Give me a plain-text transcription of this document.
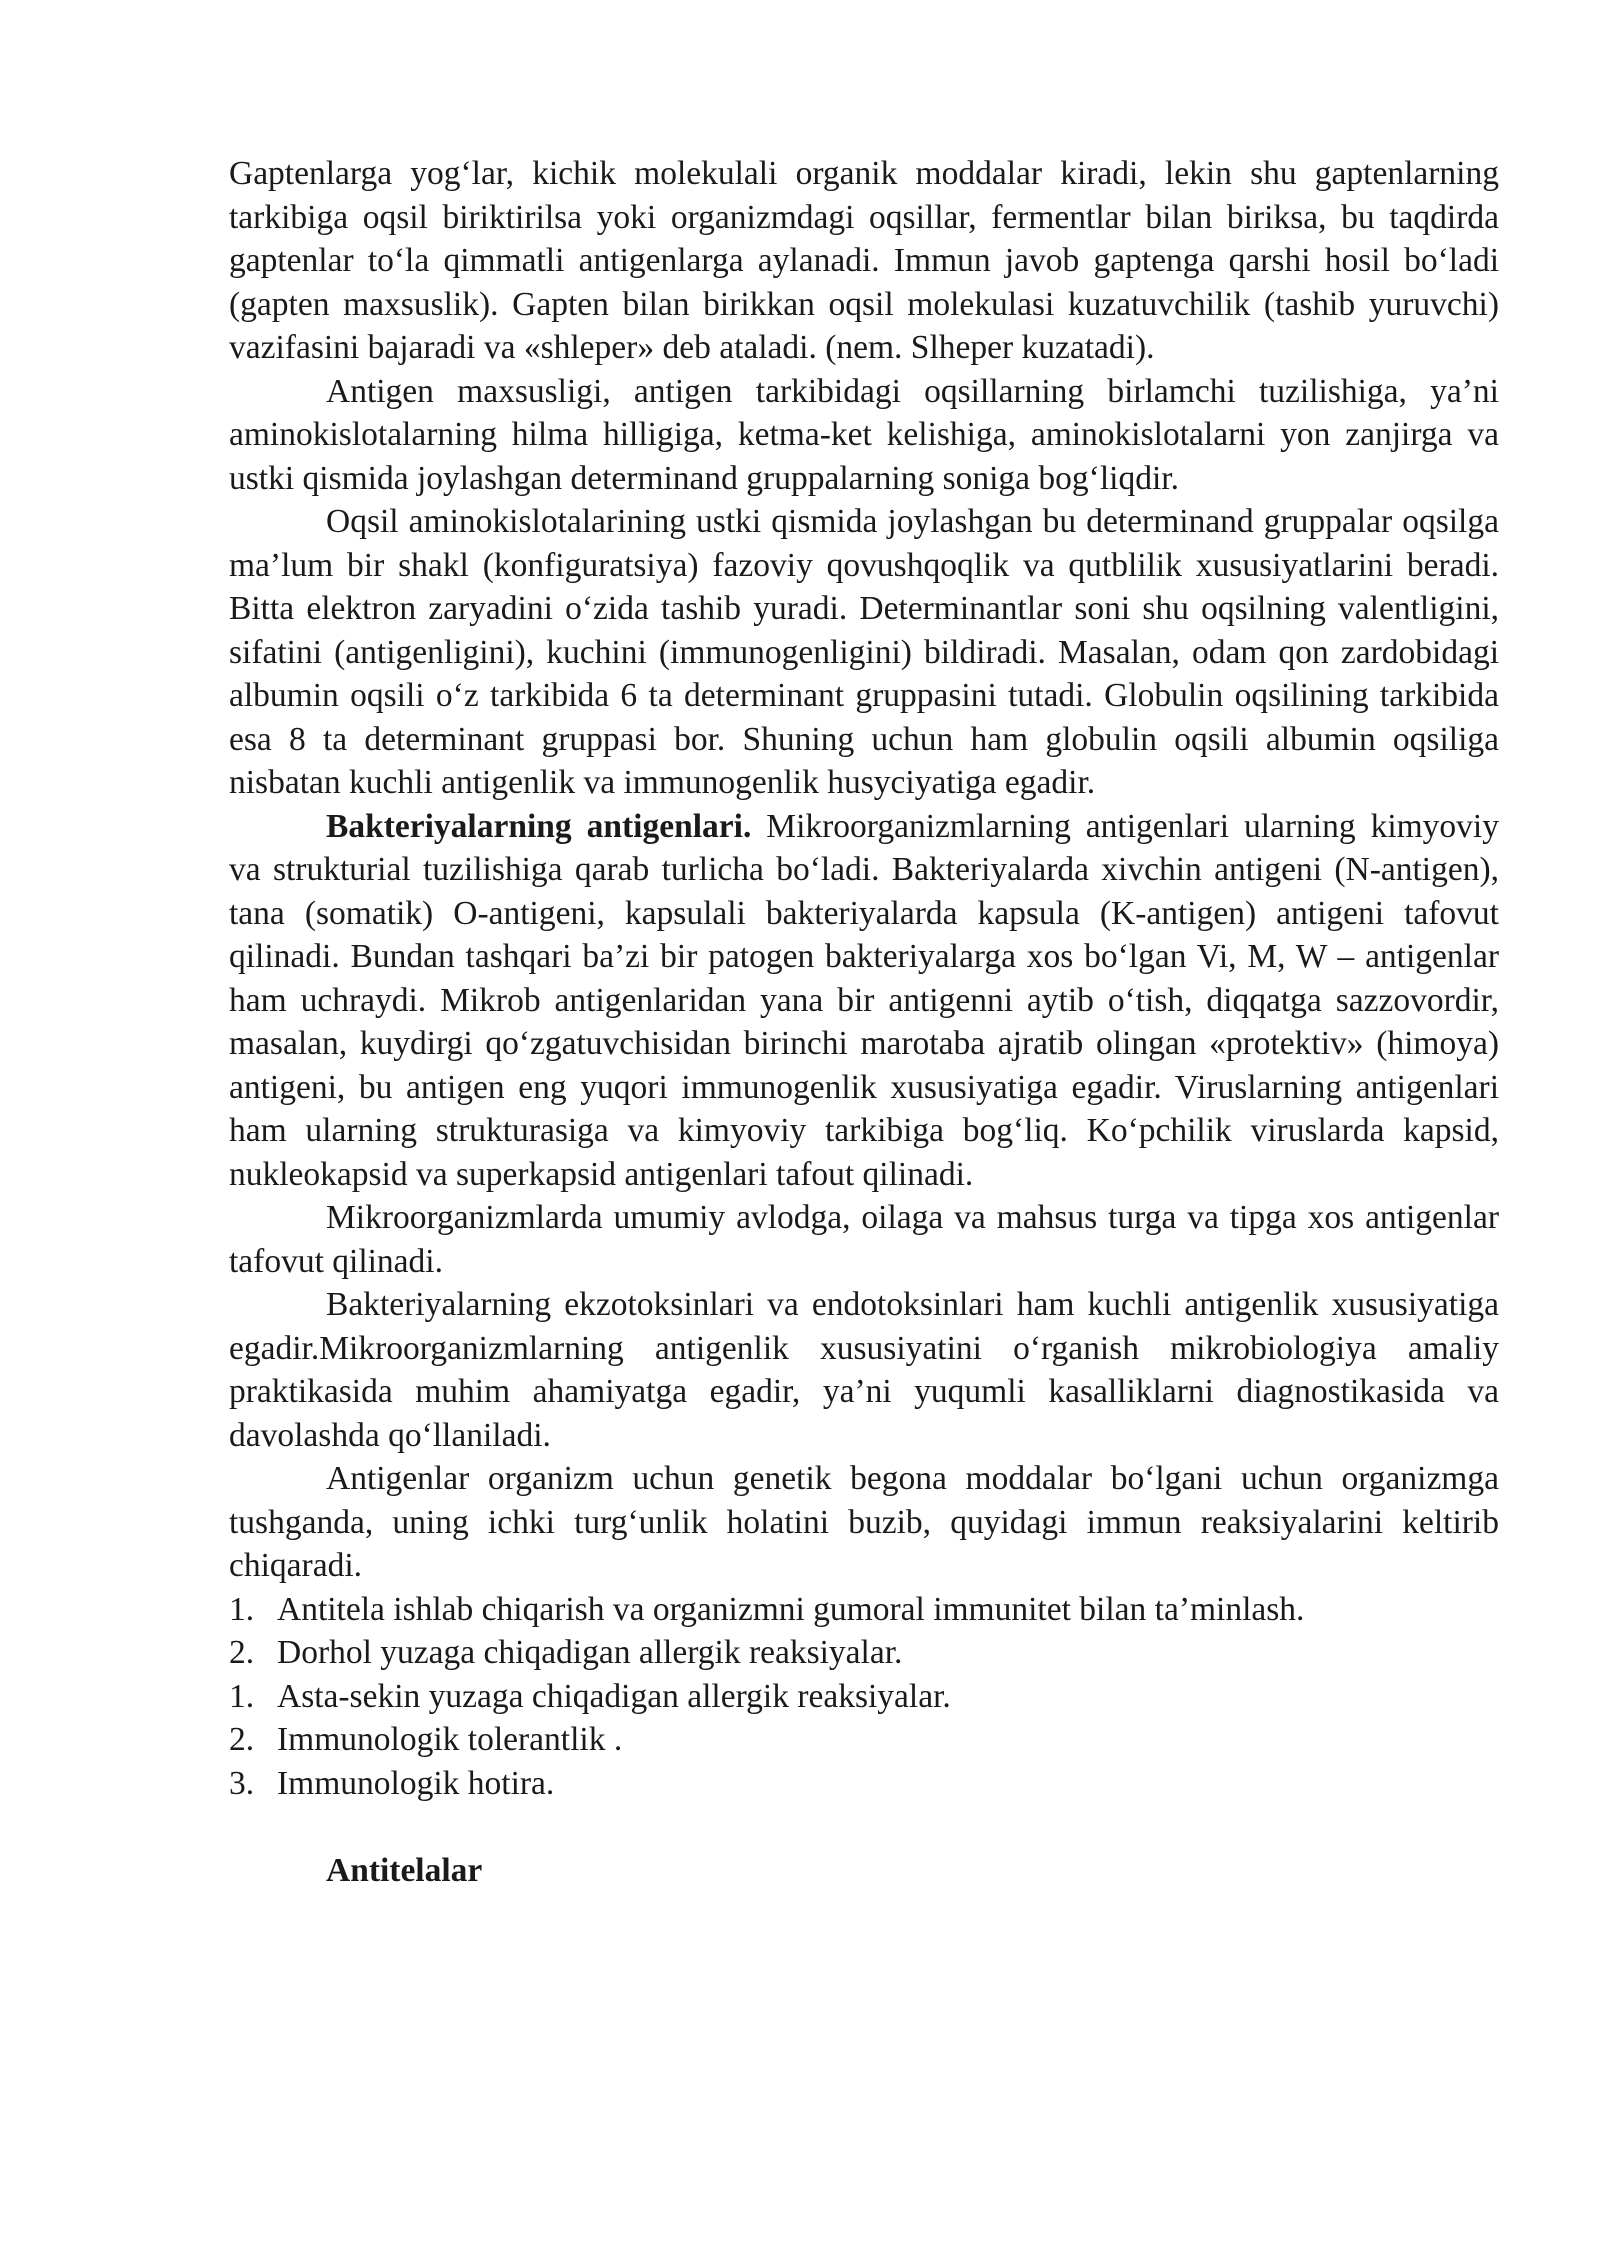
Gaptenlarga yog‘lar, kichik molekulali organik moddalar kiradi, lekin shu gaptenlarning tarkibiga oqsil biriktirilsa yoki organizmdagi oqsillar, fermentlar bilan biriksa, bu taqdirda gaptenlar to‘la qimmatli antigenlarga aylanadi. Immun javob gaptenga qarshi hosil bo‘ladi (gapten maxsuslik). Gapten bilan birikkan oqsil molekulasi kuzatuvchilik (tashib yuruvchi) vazifasini bajaradi va «shleper» deb ataladi. (nem. Slheper kuzatadi).

Antigen maxsusligi, antigen tarkibidagi oqsillarning birlamchi tuzilishiga, ya’ni aminokislotalarning hilma hilligiga, ketma-ket kelishiga, aminokislotalarni yon zanjirga va ustki qismida joylashgan determinand gruppalarning soniga bog‘liqdir.

Oqsil aminokislotalarining ustki qismida joylashgan bu determinand gruppalar oqsilga ma’lum bir shakl (konfiguratsiya) fazoviy qovushqoqlik va qutblilik xususiyatlarini beradi. Bitta elektron zaryadini o‘zida tashib yuradi. Determinantlar soni shu oqsilning valentligini, sifatini (antigenligini), kuchini (immunogenligini) bildiradi. Masalan, odam qon zardobidagi albumin oqsili o‘z tarkibida 6 ta determinant gruppasini tutadi. Globulin oqsilining tarkibida esa 8 ta determinant gruppasi bor. Shuning uchun ham globulin oqsili albumin oqsiliga nisbatan kuchli antigenlik va immunogenlik husусiyatiga egadir.

Bakteriyalarning antigenlari. Mikroorganizmlarning antigenlari ularning kimyoviy va strukturial tuzilishiga qarab turlicha bo‘ladi. Bakteriyalarda xivchin antigeni (N-antigen), tana (somatik) O-antigeni, kapsulali bakteriyalarda kapsula (K-antigen) antigeni tafovut qilinadi. Bundan tashqari ba’zi bir patogen bakteriyalarga xos bo‘lgan Vi, M, W – antigenlar ham uchraydi. Mikrob antigenlaridan yana bir antigenni aytib o‘tish, diqqatga sazzovordir, masalan, kuydirgi qo‘zgatuvchisidan birinchi marotaba ajratib olingan «protektiv» (himoya) antigeni, bu antigen eng yuqori immunogenlik xususiyatiga egadir. Viruslarning antigenlari ham ularning strukturasiga va kimyoviy tarkibiga bog‘liq. Ko‘pchilik viruslarda kapsid, nukleokapsid va superkapsid antigenlari tafout qilinadi.

Mikroorganizmlarda umumiy avlodga, oilaga va mahsus turga va tipga xos antigenlar tafovut qilinadi.

Bakteriyalarning ekzotoksinlari va endotoksinlari ham kuchli antigenlik xususiyatiga egadir.Mikroorganizmlarning antigenlik xususiyatini o‘rganish mikrobiologiya amaliy praktikasida muhim ahamiyatga egadir, ya’ni yuqumli kasalliklarni diagnostikasida va davolashda qo‘llaniladi.

Antigenlar organizm uchun genetik begona moddalar bo‘lgani uchun organizmga tushganda, uning ichki turg‘unlik holatini buzib, quyidagi immun reaksiyalarini keltirib chiqaradi.

1. Antitela ishlab chiqarish va organizmni gumoral immunitet bilan ta’minlash.
2. Dorhol yuzaga chiqadigan allergik reaksiyalar.
1. Asta-sekin yuzaga chiqadigan allergik reaksiyalar.
2. Immunologik tolerantlik .
3. Immunologik hotira.
Antitelalar
